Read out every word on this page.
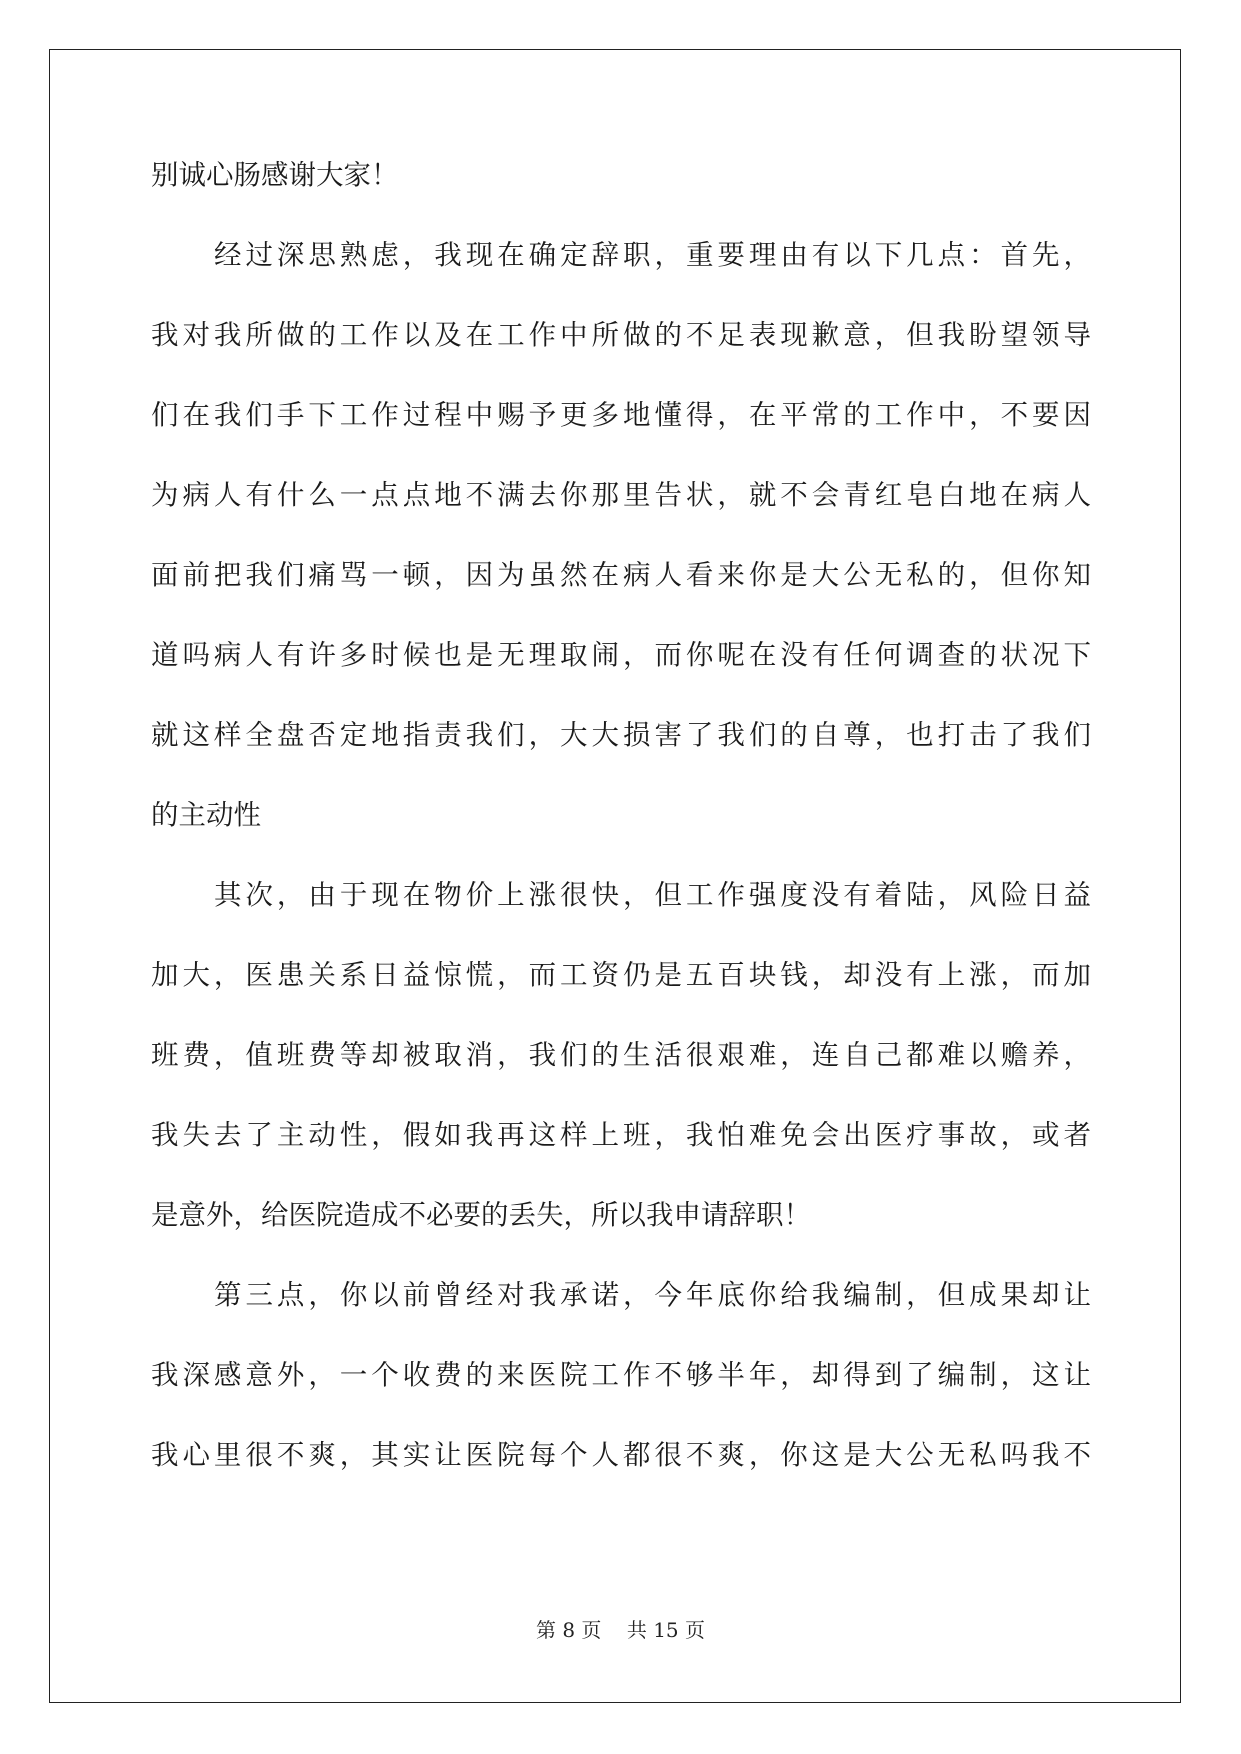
别诚心肠感谢大家！
经过深思熟虑，我现在确定辞职，重要理由有以下几点：首先，
我对我所做的工作以及在工作中所做的不足表现歉意，但我盼望领导
们在我们手下工作过程中赐予更多地懂得，在平常的工作中，不要因
为病人有什么一点点地不满去你那里告状，就不会青红皂白地在病人
面前把我们痛骂一顿，因为虽然在病人看来你是大公无私的，但你知
道吗病人有许多时候也是无理取闹，而你呢在没有任何调查的状况下
就这样全盘否定地指责我们，大大损害了我们的自尊，也打击了我们
的主动性
其次，由于现在物价上涨很快，但工作强度没有着陆，风险日益
加大，医患关系日益惊慌，而工资仍是五百块钱，却没有上涨，而加
班费，值班费等却被取消，我们的生活很艰难，连自己都难以赡养，
我失去了主动性，假如我再这样上班，我怕难免会出医疗事故，或者
是意外，给医院造成不必要的丢失，所以我申请辞职！
第三点，你以前曾经对我承诺，今年底你给我编制，但成果却让
我深感意外，一个收费的来医院工作不够半年，却得到了编制，这让
我心里很不爽，其实让医院每个人都很不爽，你这是大公无私吗我不
第 8 页    共 15 页
